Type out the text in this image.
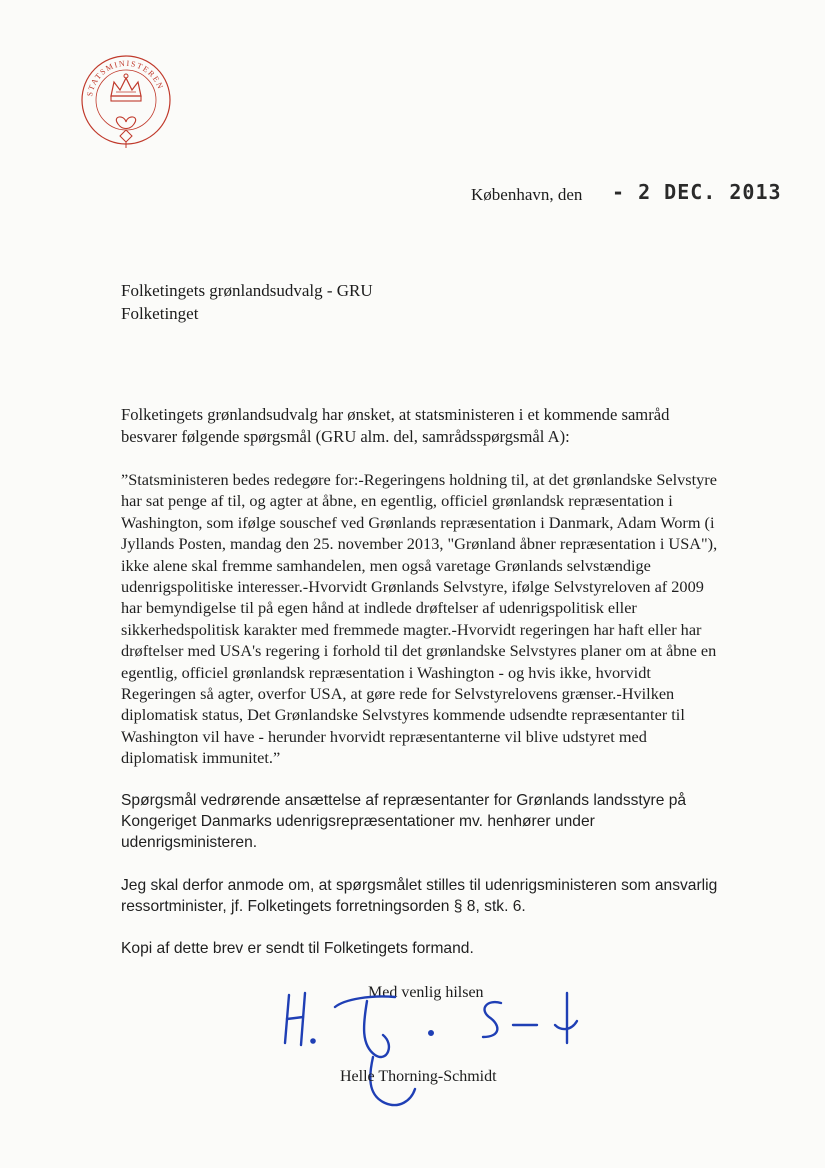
STATSMINISTEREN
København, den - 2 DEC. 2013
Folketingets grønlandsudvalg - GRU
Folketinget

Folketingets grønlandsudvalg har ønsket, at statsministeren i et kommende samråd besvarer følgende spørgsmål (GRU alm. del, samrådsspørgsmål A):

”Statsministeren bedes redegøre for:-Regeringens holdning til, at det grønlandske Selvstyre har sat penge af til, og agter at åbne, en egentlig, officiel grønlandsk repræsentation i Washington, som ifølge souschef ved Grønlands repræsentation i Danmark, Adam Worm (i Jyllands Posten, mandag den 25. november 2013, "Grønland åbner repræsentation i USA"), ikke alene skal fremme samhandelen, men også varetage Grønlands selvstændige udenrigspolitiske interesser.-Hvorvidt Grønlands Selvstyre, ifølge Selvstyreloven af 2009 har bemyndigelse til på egen hånd at indlede drøftelser af udenrigspolitisk eller sikkerhedspolitisk karakter med fremmede magter.-Hvorvidt regeringen har haft eller har drøftelser med USA's regering i forhold til det grønlandske Selvstyres planer om at åbne en egentlig, officiel grønlandsk repræsentation i Washington - og hvis ikke, hvorvidt Regeringen så agter, overfor USA, at gøre rede for Selvstyrelovens grænser.-Hvilken diplomatisk status, Det Grønlandske Selvstyres kommende udsendte repræsentanter til Washington vil have - herunder hvorvidt repræsentanterne vil blive udstyret med diplomatisk immunitet.”

Spørgsmål vedrørende ansættelse af repræsentanter for Grønlands landsstyre på Kongeriget Danmarks udenrigsrepræsentationer mv. henhører under udenrigsministeren.

Jeg skal derfor anmode om, at spørgsmålet stilles til udenrigsministeren som ansvarlig ressortminister, jf. Folketingets forretningsorden § 8, stk. 6.

Kopi af dette brev er sendt til Folketingets formand.

Med venlig hilsen
Helle Thorning-Schmidt
